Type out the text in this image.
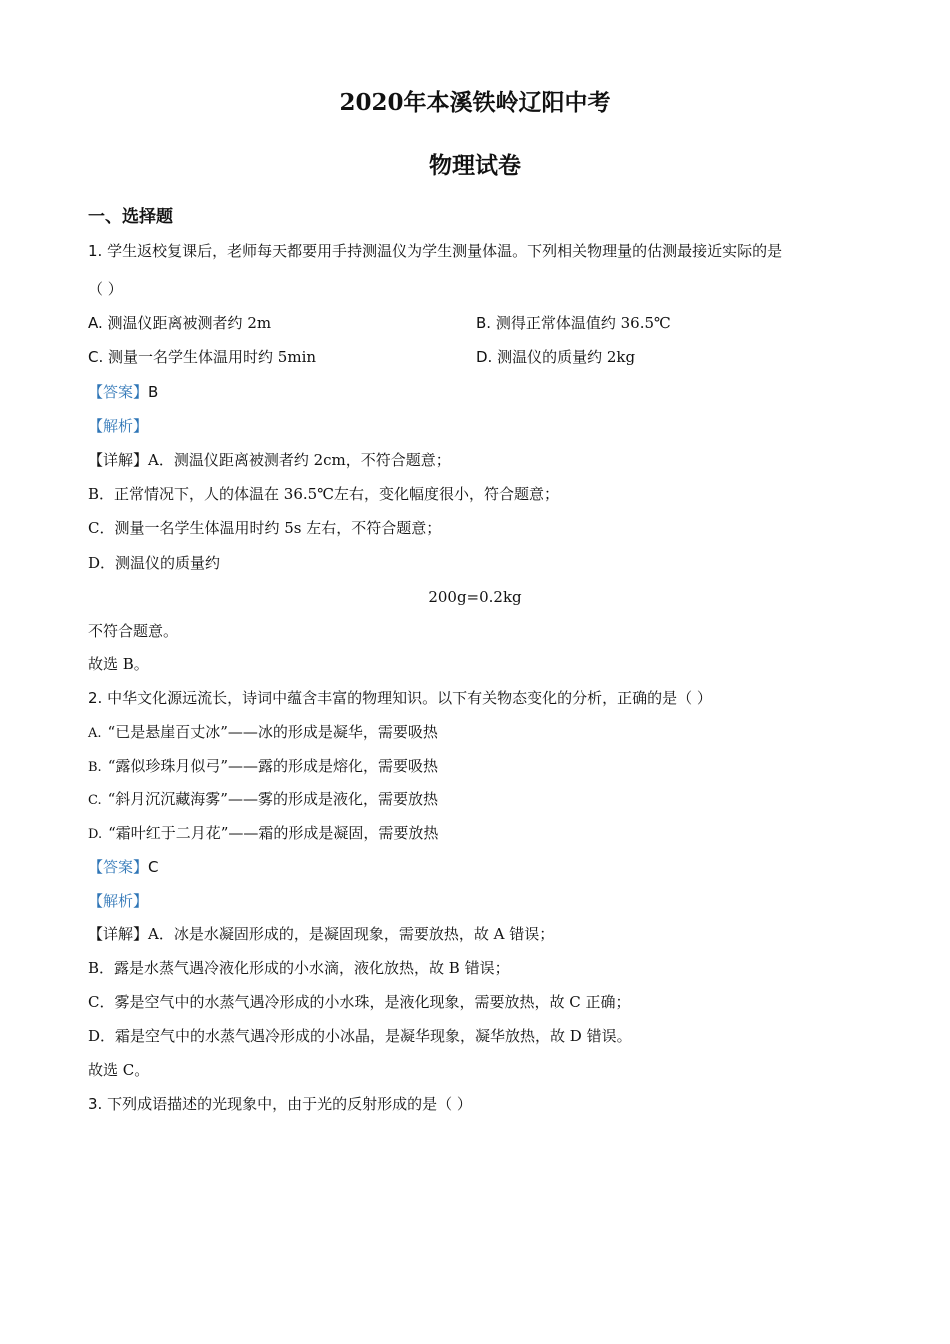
2020年本溪铁岭辽阳中考
物理试卷
一、选择题
1. 学生返校复课后，老师每天都要用手持测温仪为学生测量体温。下列相关物理量的估测最接近实际的是
（ ）
A. 测温仪距离被测者约 2m	B. 测得正常体温值约 36.5℃
C. 测量一名学生体温用时约 5min	D. 测温仪的质量约 2kg
【答案】B
【解析】
【详解】A．测温仪距离被测者约 2cm，不符合题意；
B．正常情况下，人的体温在 36.5℃左右，变化幅度很小，符合题意；
C．测量一名学生体温用时约 5s 左右，不符合题意；
D．测温仪的质量约
200g=0.2kg
不符合题意。
故选 B。
2. 中华文化源远流长，诗词中蕴含丰富的物理知识。以下有关物态变化的分析，正确的是（ ）
A. “已是悬崖百丈冰”——冰的形成是凝华，需要吸热
B. “露似珍珠月似弓”——露的形成是熔化，需要吸热
C. “斜月沉沉藏海雾”——雾的形成是液化，需要放热
D. “霜叶红于二月花”——霜的形成是凝固，需要放热
【答案】C
【解析】
【详解】A．冰是水凝固形成的，是凝固现象，需要放热，故 A 错误；
B．露是水蒸气遇冷液化形成的小水滴，液化放热，故 B 错误；
C．雾是空气中的水蒸气遇冷形成的小水珠，是液化现象，需要放热，故 C 正确；
D．霜是空气中的水蒸气遇冷形成的小冰晶，是凝华现象，凝华放热，故 D 错误。
故选 C。
3. 下列成语描述的光现象中，由于光的反射形成的是（ ）
